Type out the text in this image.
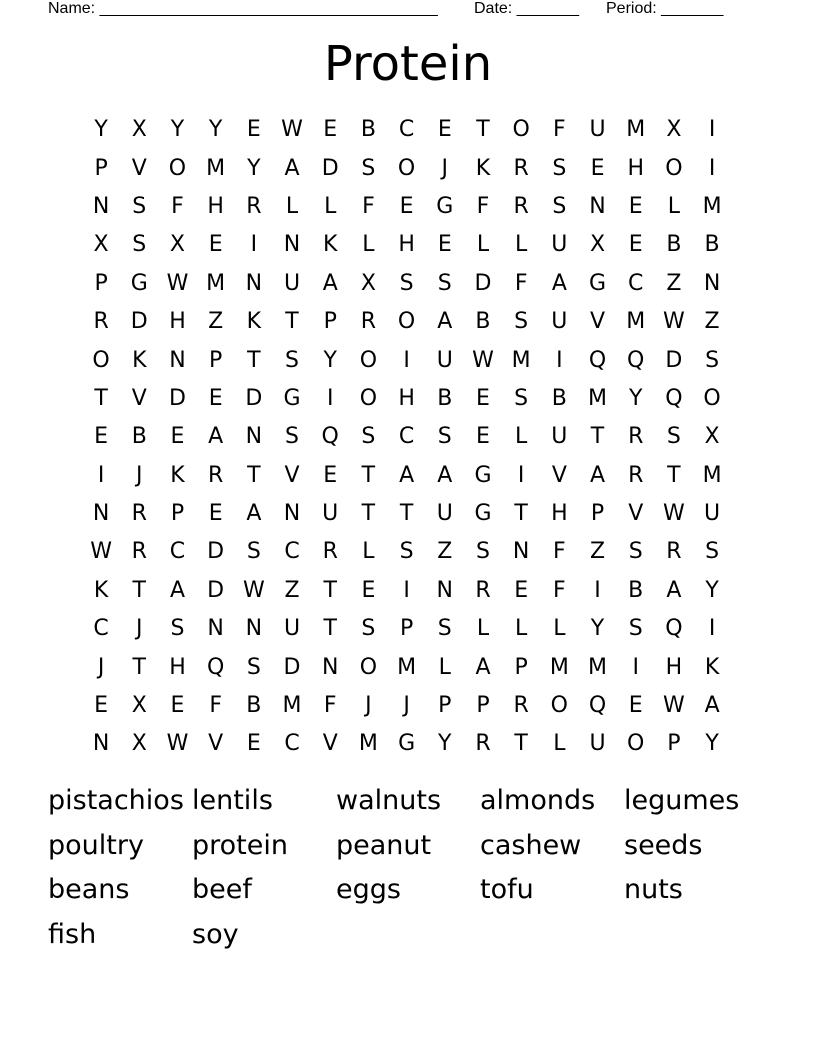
Name: ______________________________________ Date: _______ Period: _______
Protein
Y	X	Y	Y	E W E	B	C	E	T	O	F	U M X	I
P	V O M Y	A	D	S	O	J	K	R	S	E	H O	I
N	S	F	H	R	L	L	F	E	G	F	R	S	N	E	L	M
X	S	X	E	I	N	K	L	H	E	L	L	U	X	E	B	B
P	G W M N U	A	X	S	S	D	F	A	G C	Z	N
R	D H	Z	K	T	P	R O	A	B	S	U	V M W Z
O	K	N	P	T	S	Y	O	I	U W M	I	Q Q D	S
T	V	D	E	D G	I	O H	B	E	S	B M Y	Q O
E	B	E	A	N	S	Q	S	C	S	E	L	U	T	R	S	X
I	J	K	R	T	V	E	T	A	A	G	I	V	A	R	T M
N	R	P	E	A	N U	T	T	U G	T	H	P	V W U
W R	C	D	S	C	R	L	S	Z	S	N	F	Z	S	R	S
K	T	A	D W Z	T	E	I	N	R	E	F	I	B	A	Y
C	J	S	N N U	T	S	P	S	L	L	L	Y	S	Q	I
J	T	H Q	S	D N O M	L	A	P	M M	I	H	K
E	X	E	F	B M	F	J	J	P	P	R O Q	E W A
N	X W V	E	C	V M G	Y	R	T	L	U O	P	Y
pistachios lentils	walnuts	almonds	legumes
poultry	protein	peanut	cashew	seeds
beans	beef	eggs	tofu	nuts
fish	soy
